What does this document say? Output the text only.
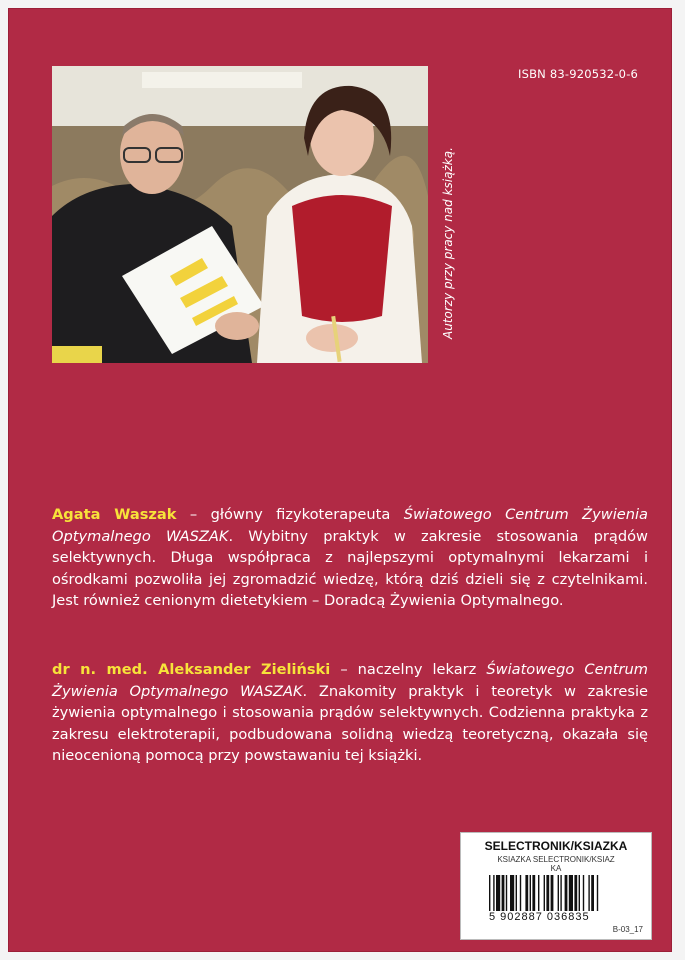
ISBN 83-920532-0-6
Autorzy przy pracy nad książką.

Agata Waszak – główny fizykoterapeuta Światowego Centrum Żywienia Optymalnego WASZAK. Wybitny praktyk w zakresie stosowania prądów selektywnych. Długa współpraca z najlepszymi optymalnymi lekarzami i ośrodkami pozwoliła jej zgromadzić wiedzę, którą dziś dzieli się z czytelnikami. Jest również cenionym dietetykiem – Doradcą Żywienia Optymalnego.

dr n. med. Aleksander Zieliński – naczelny lekarz Światowego Centrum Żywienia Optymalnego WASZAK. Znakomity praktyk i teoretyk w zakresie żywienia optymalnego i stosowania prądów selektywnych. Codzienna praktyka z zakresu elektroterapii, podbudowana solidną wiedzą teoretyczną, okazała się nieocenioną pomocą przy powstawaniu tej książki.

SELECTRONIK/KSIAZKA
KSIAZKA SELECTRONIK/KSIAZ
KA
5 902887 036835
B-03_17
